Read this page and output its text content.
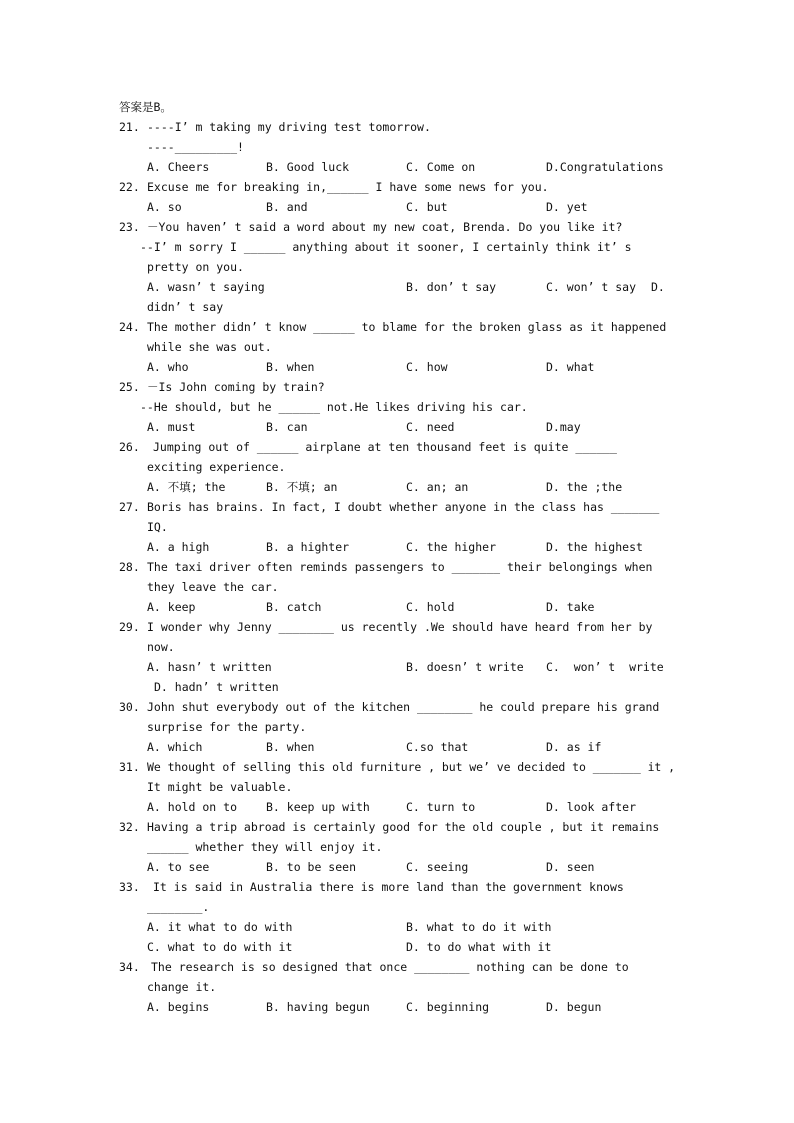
答案是B。
21. ----I’ m taking my driving test tomorrow.
----_________!
A. Cheers	B. Good luck	C. Come on	D.Congratulations
22. Excuse me for breaking in,______ I have some news for you.
A. so	B. and	C. but	D. yet
23. －You haven’ t said a word about my new coat, Brenda. Do you like it?
--I’ m sorry I ______ anything about it sooner, I certainly think it’ s
pretty on you.
A. wasn’ t saying	B. don’ t say	C. won’ t say D.
didn’ t say
24. The mother didn’ t know ______ to blame for the broken glass as it happened
while she was out.
A. who	B. when	C. how	D. what
25. －Is John coming by train?
--He should, but he ______ not.He likes driving his car.
A. must	B. can	C. need	D.may
26. Jumping out of ______ airplane at ten thousand feet is quite ______
exciting experience.
A. 不填; the	B. 不填; an	C. an; an	D. the ;the
27. Boris has brains. In fact, I doubt whether anyone in the class has _______
IQ.
A. a high	B. a highter	C. the higher	D. the highest
28. The taxi driver often reminds passengers to _______ their belongings when
they leave the car.
A. keep	B. catch	C. hold	D. take
29. I wonder why Jenny ________ us recently .We should have heard from her by
now.
A. hasn’ t written	B. doesn’ t write C.  won’ t  write
D. hadn’ t written
30. John shut everybody out of the kitchen ________ he could prepare his grand
surprise for the party.
A. which	B. when	C.so that	D. as if
31. We thought of selling this old furniture , but we’ ve decided to _______ it ,
It might be valuable.
A. hold on to	B. keep up with	C. turn to	D. look after
32. Having a trip abroad is certainly good for the old couple , but it remains
______ whether they will enjoy it.
A. to see	B. to be seen	C. seeing	D. seen
33. It is said in Australia there is more land than the government knows
________.
A. it what to do with	B. what to do it with
C. what to do with it	D. to do what with it
34. The research is so designed that once ________ nothing can be done to
change it.
A. begins	B. having begun	C. beginning	D. begun
